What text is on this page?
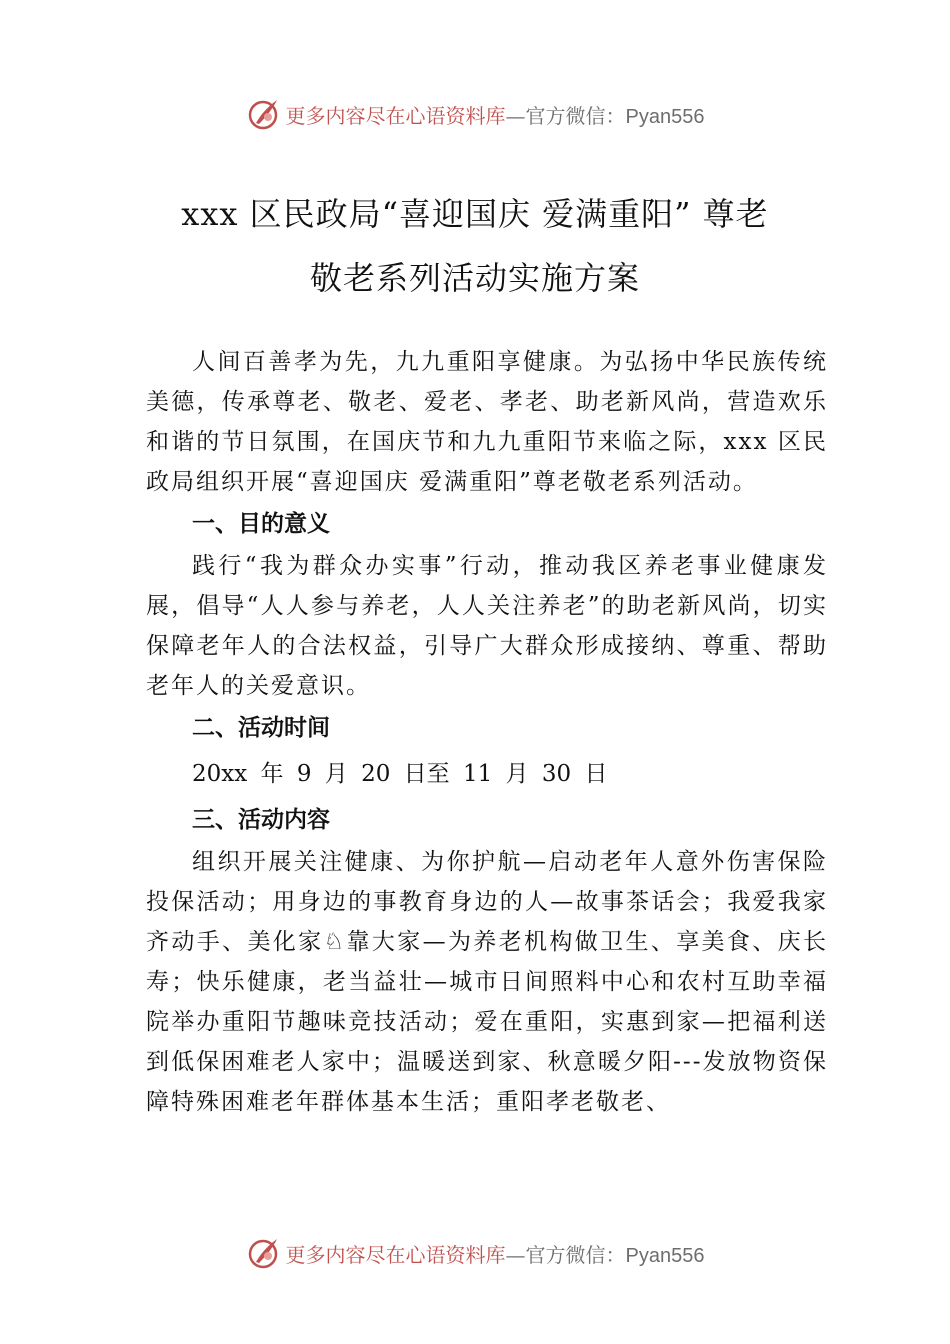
更多内容尽在心语资料库—官方微信：Pyan556
xxx 区民政局“喜迎国庆 爱满重阳” 尊老
敬老系列活动实施方案

人间百善孝为先，九九重阳享健康。为弘扬中华民族传统美德，传承尊老、敬老、爱老、孝老、助老新风尚，营造欢乐和谐的节日氛围，在国庆节和九九重阳节来临之际，xxx 区民政局组织开展“喜迎国庆 爱满重阳”尊老敬老系列活动。

一、目的意义

践行“我为群众办实事”行动，推动我区养老事业健康发展，倡导“人人参与养老，人人关注养老”的助老新风尚，切实保障老年人的合法权益，引导广大群众形成接纳、尊重、帮助老年人的关爱意识。

二、活动时间

20xx 年 9 月 20 日至 11 月 30 日

三、活动内容

组织开展关注健康、为你护航—启动老年人意外伤害保险投保活动；用身边的事教育身边的人—故事茶话会；我爱我家齐动手、美化家♘靠大家—为养老机构做卫生、享美食、庆长寿；快乐健康，老当益壮—城市日间照料中心和农村互助幸福院举办重阳节趣味竞技活动；爱在重阳，实惠到家—把福利送到低保困难老人家中；温暖送到家、秋意暖夕阳---发放物资保障特殊困难老年群体基本生活；重阳孝老敬老、

更多内容尽在心语资料库—官方微信：Pyan556
